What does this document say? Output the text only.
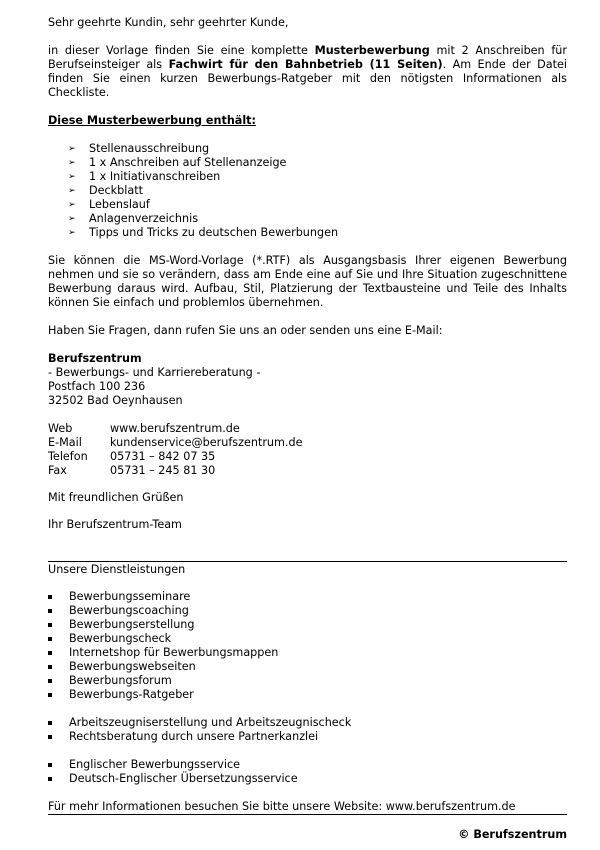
Sehr geehrte Kundin, sehr geehrter Kunde,

in dieser Vorlage finden Sie eine komplette Musterbewerbung mit 2 Anschreiben für Berufseinsteiger als Fachwirt für den Bahnbetrieb (11 Seiten). Am Ende der Datei finden Sie einen kurzen Bewerbungs-Ratgeber mit den nötigsten Informationen als Checkliste.

Diese Musterbewerbung enthält:

➢ Stellenausschreibung
➢ 1 x Anschreiben auf Stellenanzeige
➢ 1 x Initiativanschreiben
➢ Deckblatt
➢ Lebenslauf
➢ Anlagenverzeichnis
➢ Tipps und Tricks zu deutschen Bewerbungen

Sie können die MS-Word-Vorlage (*.RTF) als Ausgangsbasis Ihrer eigenen Bewerbung nehmen und sie so verändern, dass am Ende eine auf Sie und Ihre Situation zugeschnittene Bewerbung daraus wird. Aufbau, Stil, Platzierung der Textbausteine und Teile des Inhalts können Sie einfach und problemlos übernehmen.

Haben Sie Fragen, dann rufen Sie uns an oder senden uns eine E-Mail:

Berufszentrum

- Bewerbungs- und Karriereberatung -

Postfach 100 236

32502 Bad Oeynhausen

Web	www.berufszentrum.de
E-Mail	kundenservice@berufszentrum.de
Telefon	05731 – 842 07 35
Fax	05731 – 245 81 30

Mit freundlichen Grüßen

Ihr Berufszentrum-Team

Unsere Dienstleistungen

Bewerbungsseminare
Bewerbungscoaching
Bewerbungserstellung
Bewerbungscheck
Internetshop für Bewerbungsmappen
Bewerbungswebseiten
Bewerbungsforum
Bewerbungs-Ratgeber
Arbeitszeugniserstellung und Arbeitszeugnischeck
Rechtsberatung durch unsere Partnerkanzlei
Englischer Bewerbungsservice
Deutsch-Englischer Übersetzungsservice

Für mehr Informationen besuchen Sie bitte unsere Website: www.berufszentrum.de

© Berufszentrum
